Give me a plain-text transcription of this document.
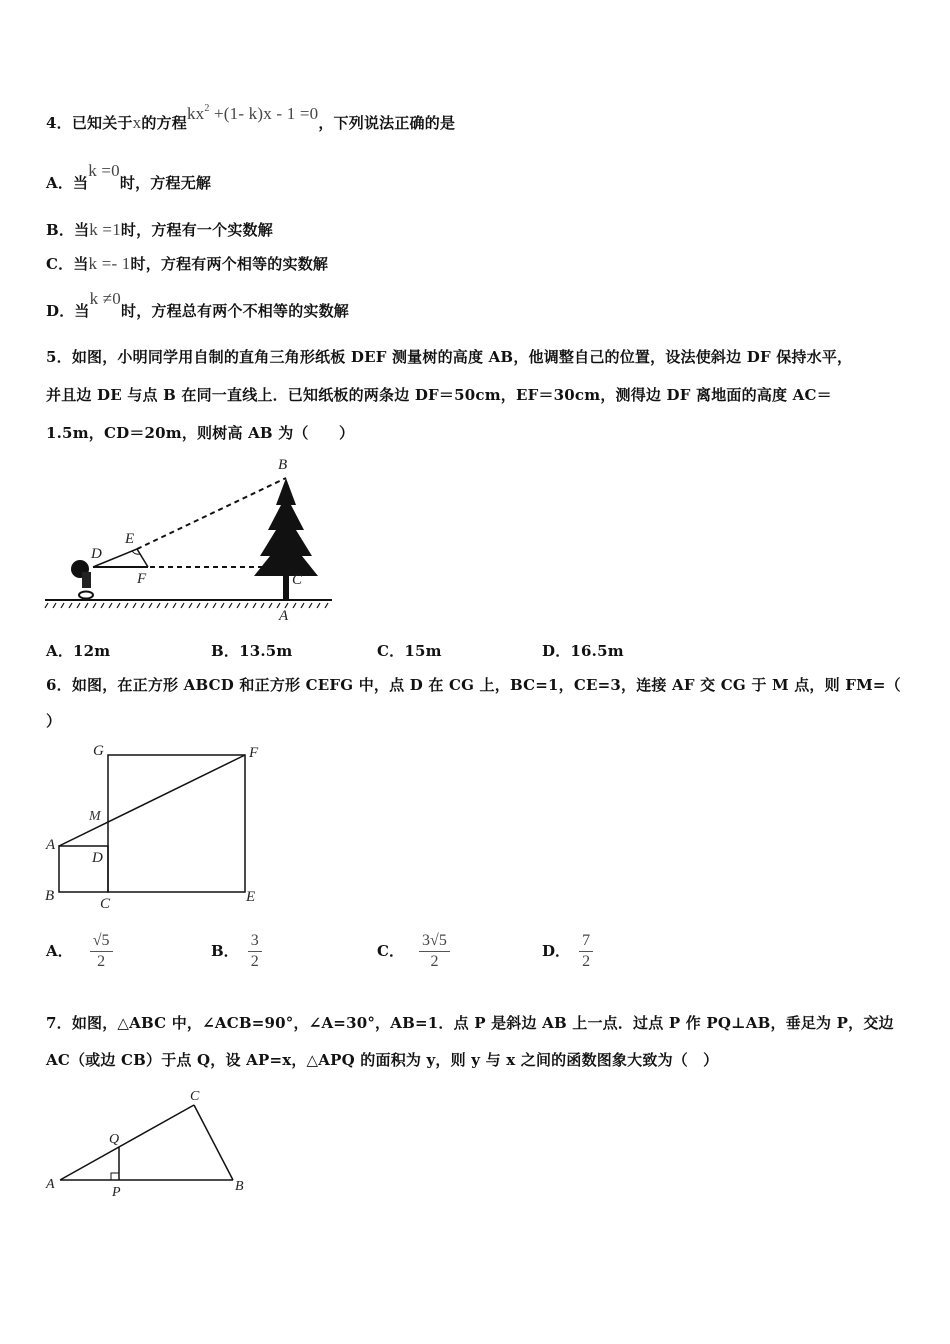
4．已知关于x的方程$kx^2 +(1-$ k)x - 1 =0，下列说法正确的是
A．当k =0时，方程无解
B．当k =1时，方程有一个实数解
C．当k =- 1时，方程有两个相等的实数解
D．当k ≠0时，方程总有两个不相等的实数解
5．如图，小明同学用自制的直角三角形纸板 DEF 测量树的高度 AB，他调整自己的位置，设法使斜边 DF 保持水平，
并且边 DE 与点 B 在同一直线上．已知纸板的两条边 DF＝50cm，EF＝30cm，测得边 DF 离地面的高度 AC＝
1.5m，CD＝20m，则树高 AB 为（　　）
B
E
D
F	C
A
A．12m	B．13.5m	C．15m	D．16.5m
6．如图，在正方形 ABCD 和正方形 CEFG 中，点 D 在 CG 上，BC=1，CE=3，连接 AF 交 CG 于 M 点，则 FM=（
）
G	F
M
A
D
B	C	E
A． $\frac{√5}{2}$	B． $\frac{3}{2}$	C． $\frac{3√5}{2}$	D． $\frac{7}{2}$
7．如图，△ABC 中，∠ACB=90°，∠A=30°，AB=1．点 P 是斜边 AB 上一点．过点 P 作 PQ⊥AB，垂足为 P，交边
AC（或边 CB）于点 Q，设 AP=x，△APQ 的面积为 y，则 y 与 x 之间的函数图象大致为（　）
C
Q
A
P	B
